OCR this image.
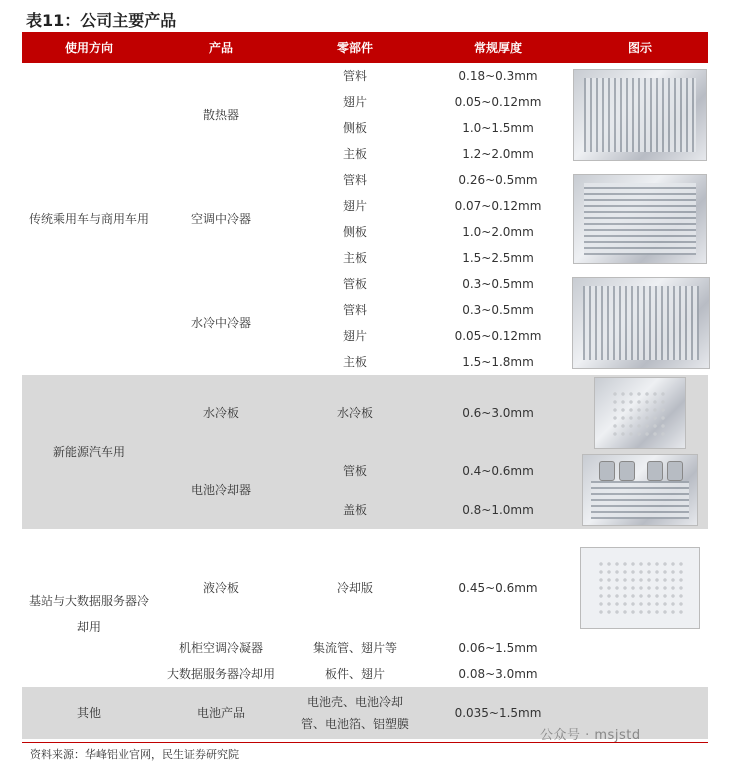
表11：公司主要产品
使用方向	产品	零部件	常规厚度	图示
传统乘用车与商用车用	散热器	管料	0.18~0.3mm	

		翅片	0.05~0.12mm	
		侧板	1.0~1.5mm	
		主板	1.2~2.0mm	
	空调中冷器	管料	0.26~0.5mm	

		翅片	0.07~0.12mm	
		侧板	1.0~2.0mm	
		主板	1.5~2.5mm	
	水冷中冷器	管板	0.3~0.5mm	

		管料	0.3~0.5mm	
		翅片	0.05~0.12mm	
		主板	1.5~1.8mm	
新能源汽车用	水冷板	水冷板	0.6~3.0mm	

	电池冷却器	管板	0.4~0.6mm	

		盖板	0.8~1.0mm	

基站与大数据服务器冷却用	液冷板	冷却版	0.45~0.6mm	

	机柜空调冷凝器	集流管、翅片等	0.06~1.5mm	
	大数据服务器冷却用	板件、翅片	0.08~3.0mm	
其他	电池产品	电池壳、电池冷却管、电池箔、铝塑膜	0.035~1.5mm	
公众号 · msjstd
资料来源：华峰铝业官网，民生证券研究院
